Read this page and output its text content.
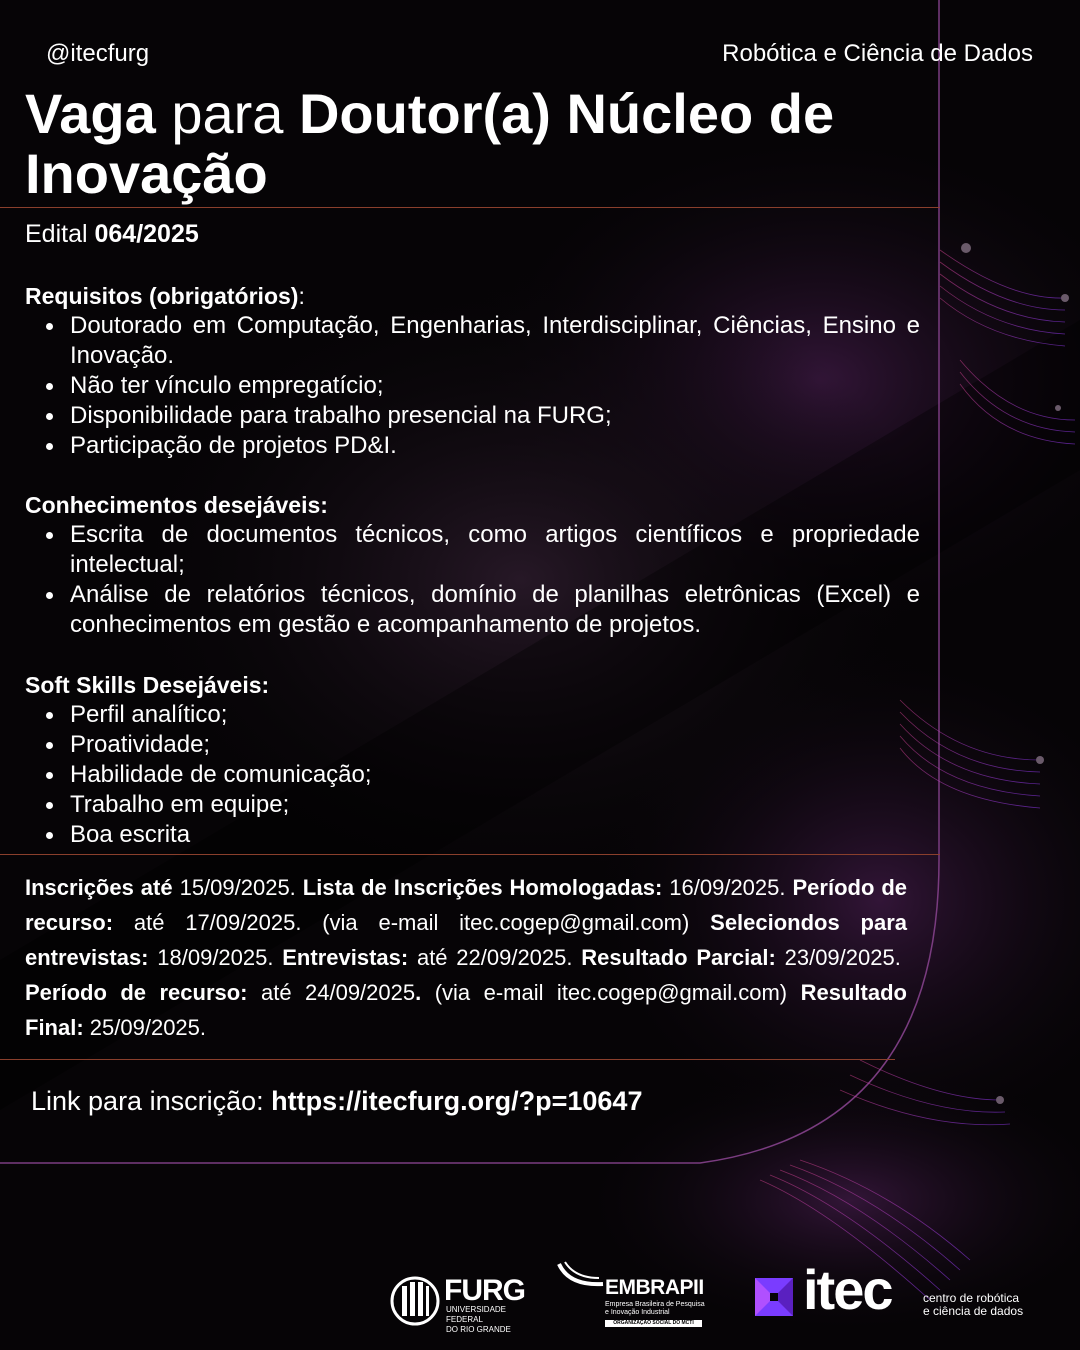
@itecfurg	Robótica e Ciência de Dados
Vaga para Doutor(a) Núcleo de Inovação
Edital 064/2025
Requisitos (obrigatórios):
Doutorado em Computação, Engenharias, Interdisciplinar, Ciências, Ensino e Inovação.
Não ter vínculo empregatício;
Disponibilidade para trabalho presencial na FURG;
Participação de projetos PD&I.
Conhecimentos desejáveis:
Escrita de documentos técnicos, como artigos científicos e propriedade intelectual;
Análise de relatórios técnicos, domínio de planilhas eletrônicas (Excel) e conhecimentos em gestão e acompanhamento de projetos.
Soft Skills Desejáveis:
Perfil analítico;
Proatividade;
Habilidade de comunicação;
Trabalho em equipe;
Boa escrita

Inscrições até 15/09/2025. Lista de Inscrições Homologadas: 16/09/2025. Período de recurso: até 17/09/2025. (via e-mail itec.cogep@gmail.com) Seleciondos para entrevistas: 18/09/2025. Entrevistas: até 22/09/2025. Resultado Parcial: 23/09/2025.  Período de recurso: até 24/09/2025. (via e-mail itec.cogep@gmail.com) Resultado Final: 25/09/2025.

Link para inscrição: https://itecfurg.org/?p=10647
FURG
UNIVERSIDADE FEDERAL
DO RIO GRANDE
EMBRAPII
Empresa Brasileira de Pesquisa
e Inovação Industrial
ORGANIZAÇÃO SOCIAL DO MCTI
itec	centro de robótica
e ciência de dados
